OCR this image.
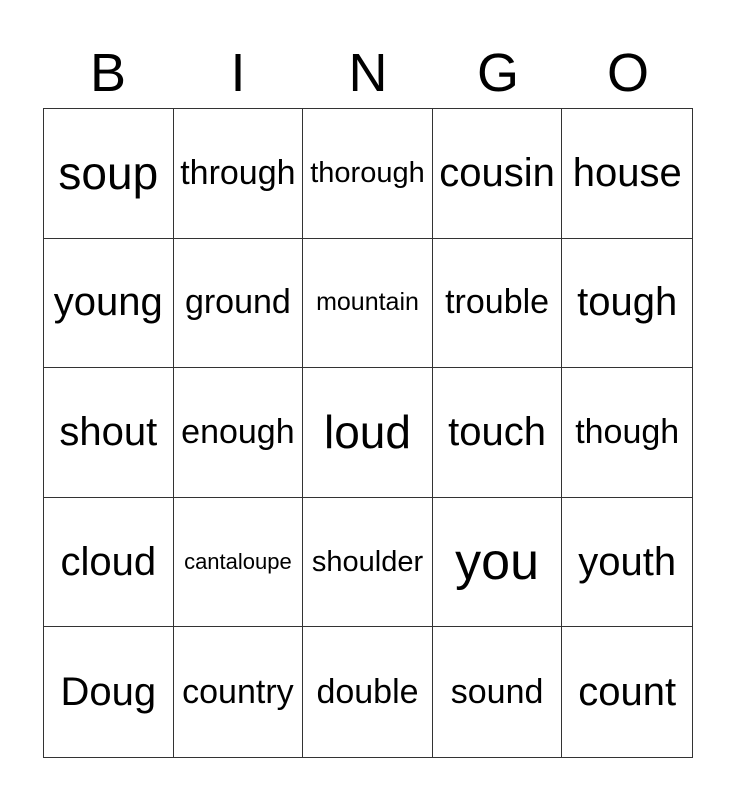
B	I	N	G	O
soup through thorough cousin house
young ground	mountain trouble tough
shout enough loud touch though
cloud	cantaloupe shoulder you youth
Doug country double sound count
